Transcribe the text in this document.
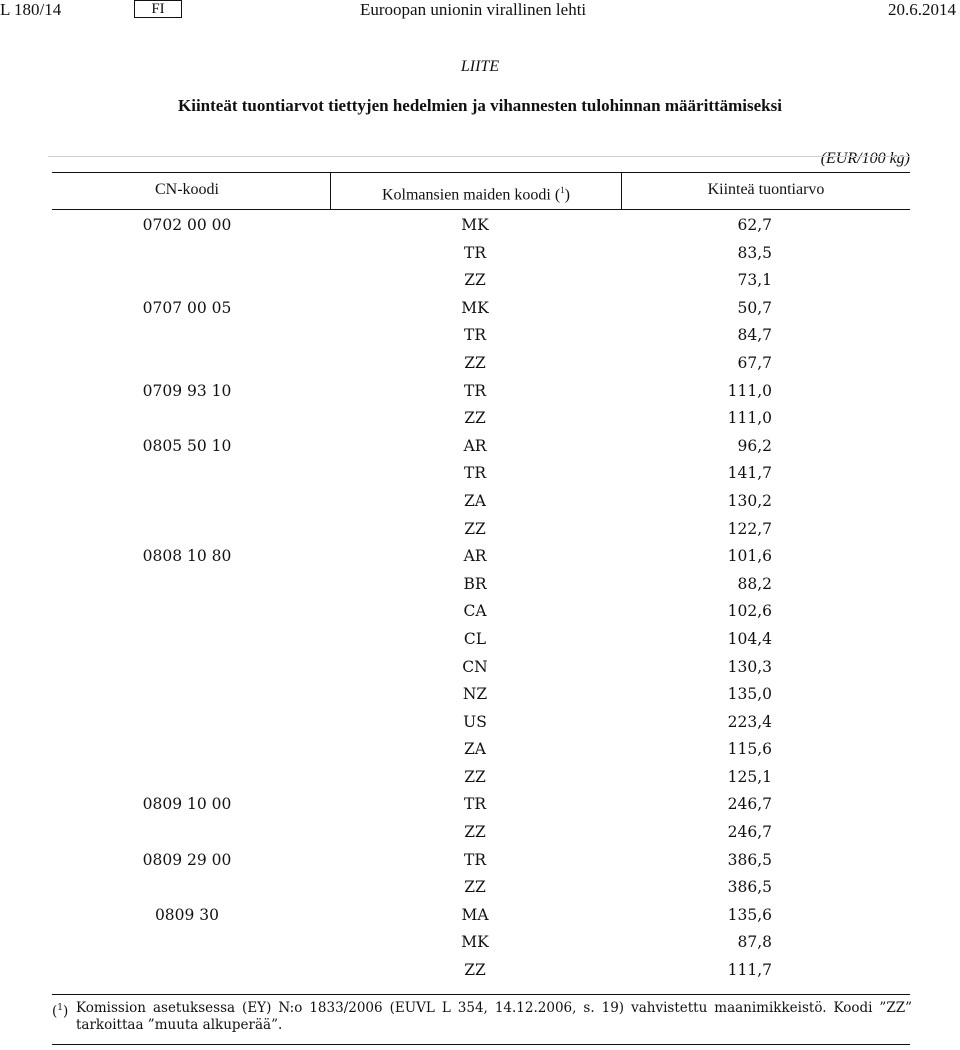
L 180/14	FI	Euroopan unionin virallinen lehti	20.6.2014
LIITE
Kiinteät tuontiarvot tiettyjen hedelmien ja vihannesten tulohinnan määrittämiseksi
(EUR/100 kg)
CN-koodi	Kolmansien maiden koodi ($^1$)	Kiinteä tuontiarvo
0702 00 00	MK	62,7
TR	83,5
ZZ	73,1
0707 00 05	MK	50,7
TR	84,7
ZZ	67,7
0709 93 10	TR	111,0
ZZ	111,0
0805 50 10	AR	96,2
TR	141,7
ZA	130,2
ZZ	122,7
0808 10 80	AR	101,6
BR	88,2
CA	102,6
CL	104,4
CN	130,3
NZ	135,0
US	223,4
ZA	115,6
ZZ	125,1
0809 10 00	TR	246,7
ZZ	246,7
0809 29 00	TR	386,5
ZZ	386,5
0809 30	MA	135,6
MK	87,8
ZZ	111,7
($^1$) Komission asetuksessa (EY) N:o 1833/2006 (EUVL L 354, 14.12.2006, s. 19) vahvistettu maanimikkeistö. Koodi ”ZZ” tarkoittaa ”muuta alkuperää”.
